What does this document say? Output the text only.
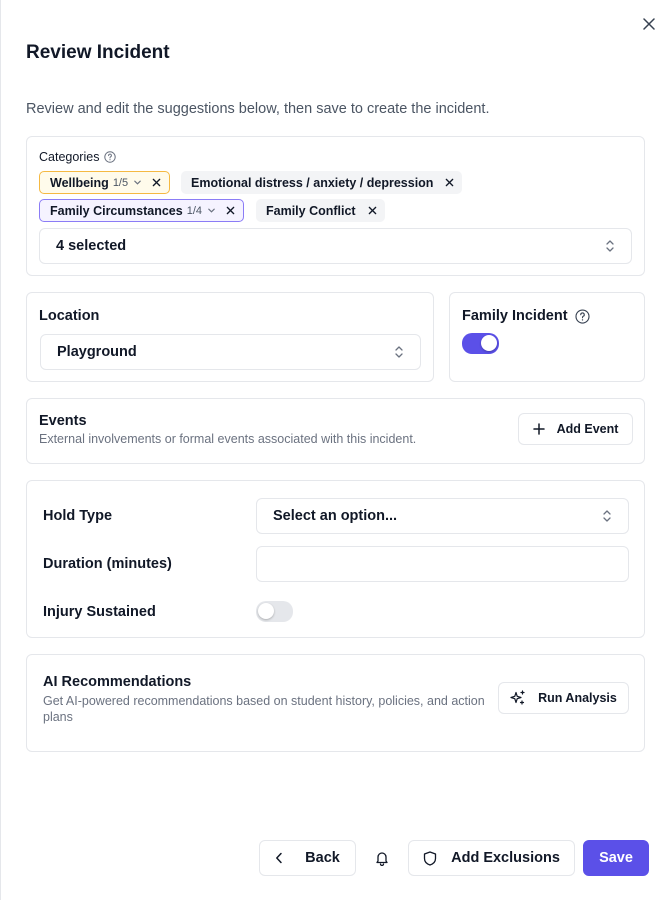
Review Incident
Review and edit the suggestions below, then save to create the incident.
Categories
Wellbeing 1/5	Emotional distress / anxiety / depression
Family Circumstances 1/4	Family Conflict
4 selected
Location
Playground
Family Incident
Events
External involvements or formal events associated with this incident.
Add Event
Hold Type	Select an option...
Duration (minutes)
Injury Sustained
AI Recommendations
Get AI-powered recommendations based on student history, policies, and action plans
Run Analysis
Back	Add Exclusions	Save
